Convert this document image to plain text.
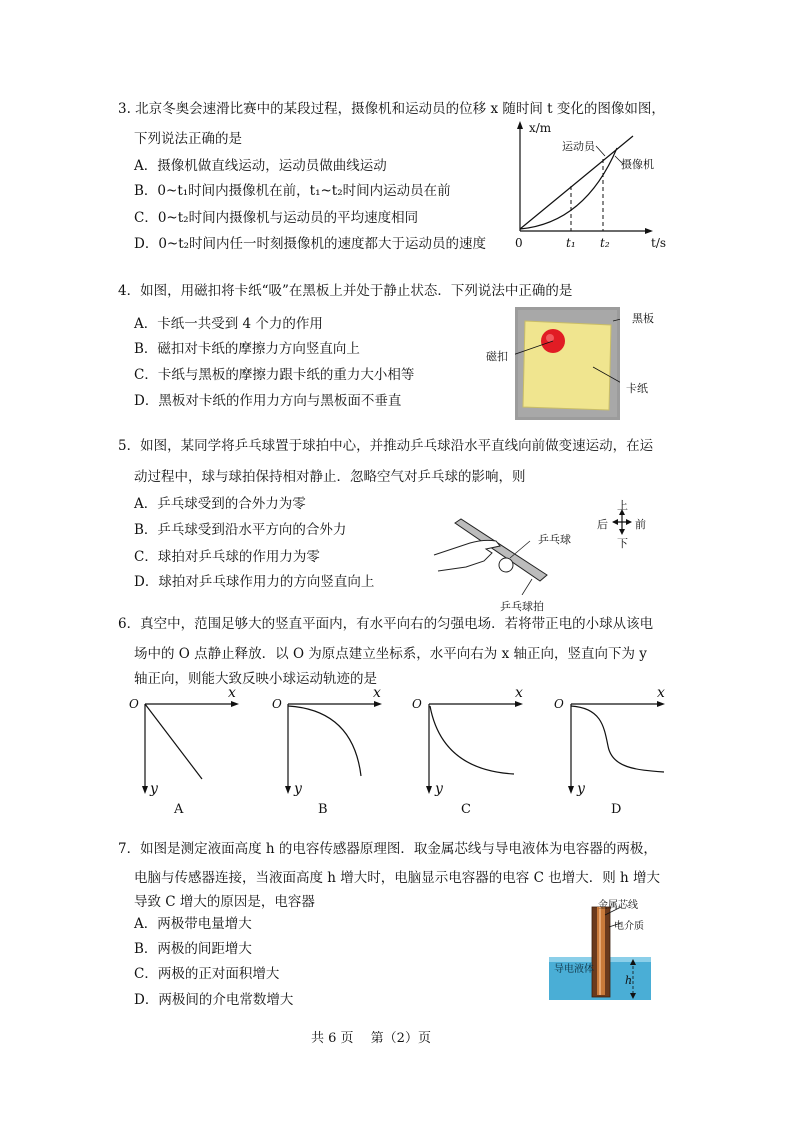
3. 北京冬奥会速滑比赛中的某段过程，摄像机和运动员的位移 x 随时间 t 变化的图像如图，
下列说法正确的是
A．摄像机做直线运动，运动员做曲线运动
B．0~t₁时间内摄像机在前，t₁~t₂时间内运动员在前
C．0~t₂时间内摄像机与运动员的平均速度相同
D．0~t₂时间内任一时刻摄像机的速度都大于运动员的速度
x/m
运动员
摄像机
0	t₁ t₂	t/s
4．如图，用磁扣将卡纸“吸”在黑板上并处于静止状态．下列说法中正确的是
A．卡纸一共受到 4 个力的作用
B．磁扣对卡纸的摩擦力方向竖直向上
C．卡纸与黑板的摩擦力跟卡纸的重力大小相等
D．黑板对卡纸的作用力方向与黑板面不垂直
黑板
磁扣
卡纸
5．如图，某同学将乒乓球置于球拍中心，并推动乒乓球沿水平直线向前做变速运动，在运
动过程中，球与球拍保持相对静止．忽略空气对乒乓球的影响，则
A．乒乓球受到的合外力为零
B．乒乓球受到沿水平方向的合外力
C．球拍对乒乓球的作用力为零
D．球拍对乒乓球作用力的方向竖直向上
乒乓球
乒乓球拍
上
下
后 前
6．真空中，范围足够大的竖直平面内，有水平向右的匀强电场．若将带正电的小球从该电
场中的 O 点静止释放．以 O 为原点建立坐标系，水平向右为 x 轴正向，竖直向下为 y
轴正向，则能大致反映小球运动轨迹的是
O
x
y
A
O
x
y
B
O
x
y
C
O
x
y
D
7．如图是测定液面高度 h 的电容传感器原理图．取金属芯线与导电液体为电容器的两极，
电脑与传感器连接，当液面高度 h 增大时，电脑显示电容器的电容 C 也增大．则 h 增大
导致 C 增大的原因是，电容器
A．两极带电量增大
B．两极的间距增大
C．两极的正对面积增大
D．两极间的介电常数增大
金属芯线
电介质
导电液体
h
共 6 页　 第（2）页
